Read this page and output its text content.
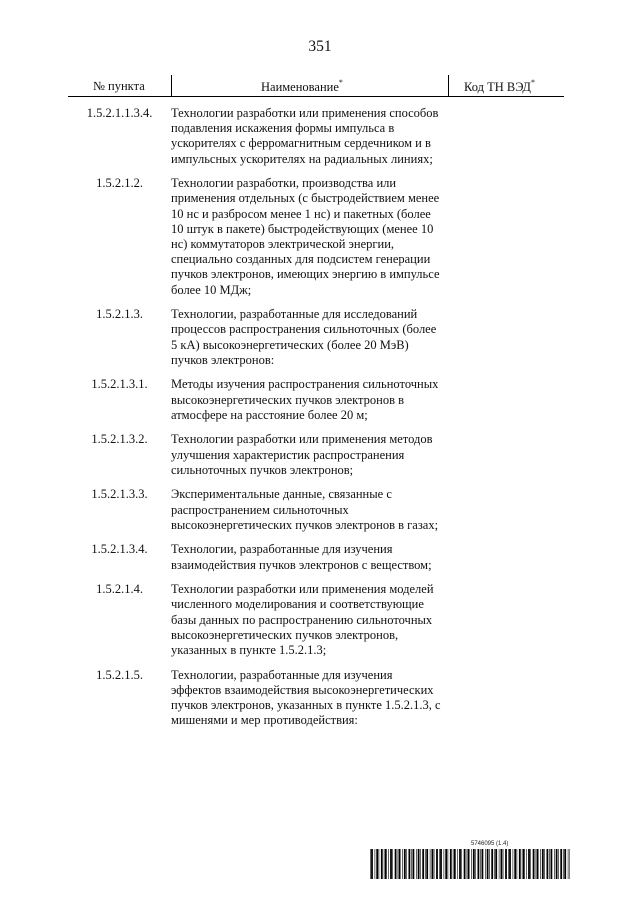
351
№ пункта	Наименование*	Код ТН ВЭД*
1.5.2.1.1.3.4.	Технологии разработки или применения способов подавления искажения формы импульса в ускорителях с ферромагнитным сердечником и в импульсных ускорителях на радиальных линиях;
1.5.2.1.2.	Технологии разработки, производства или применения отдельных (с быстродействием менее 10 нс и разбросом менее 1 нс) и пакетных (более 10 штук в пакете) быстродействующих (менее 10 нс) коммутаторов электрической энергии, специально созданных для подсистем генерации пучков электронов, имеющих энергию в импульсе более 10 МДж;
1.5.2.1.3.	Технологии, разработанные для исследований процессов распространения сильноточных (более 5 кА) высокоэнергетических (более 20 МэВ) пучков электронов:
1.5.2.1.3.1.	Методы изучения распространения сильноточных высокоэнергетических пучков электронов в атмосфере на расстояние более 20 м;
1.5.2.1.3.2.	Технологии разработки или применения методов улучшения характеристик распространения сильноточных пучков электронов;
1.5.2.1.3.3.	Экспериментальные данные, связанные с распространением сильноточных высокоэнергетических пучков электронов в газах;
1.5.2.1.3.4.	Технологии, разработанные для изучения взаимодействия пучков электронов с веществом;
1.5.2.1.4.	Технологии разработки или применения моделей численного моделирования и соответствующие базы данных по распространению сильноточных высокоэнергетических пучков электронов, указанных в пункте 1.5.2.1.3;
1.5.2.1.5.	Технологии, разработанные для изучения эффектов взаимодействия высокоэнергетических пучков электронов, указанных в пункте 1.5.2.1.3, с мишенями и мер противодействия:
5746095 (1.4)
